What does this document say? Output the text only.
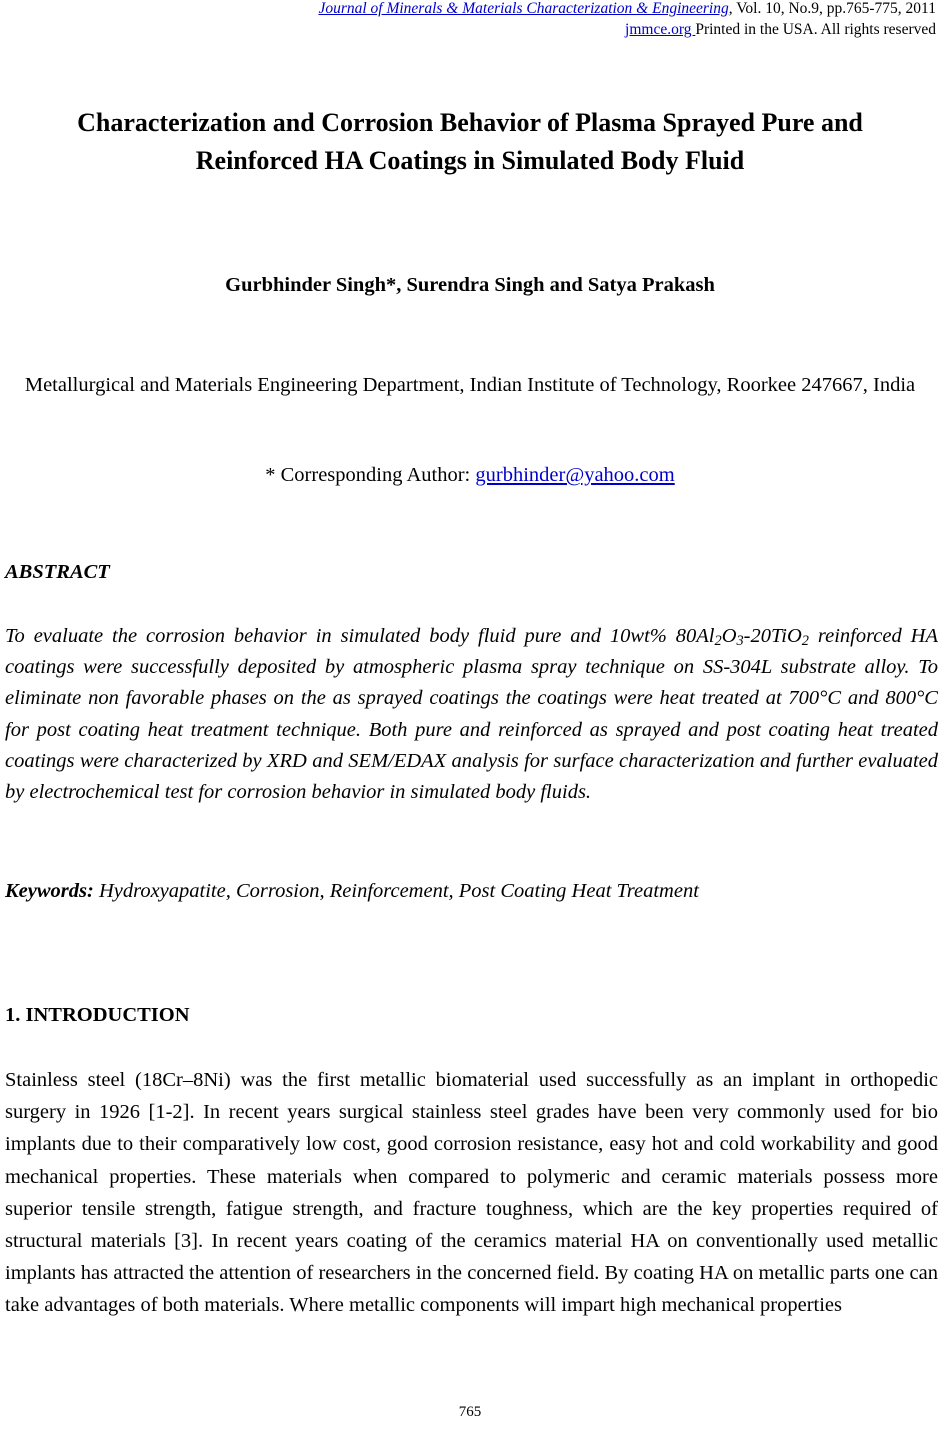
Journal of Minerals & Materials Characterization & Engineering, Vol. 10, No.9, pp.765-775, 2011
jmmce.org Printed in the USA. All rights reserved
Characterization and Corrosion Behavior of Plasma Sprayed Pure and
Reinforced HA Coatings in Simulated Body Fluid
Gurbhinder Singh*, Surendra Singh and Satya Prakash
Metallurgical and Materials Engineering Department, Indian Institute of Technology, Roorkee 247667, India
* Corresponding Author: gurbhinder@yahoo.com
ABSTRACT
To evaluate the corrosion behavior in simulated body fluid pure and 10wt% $80Al_2O_3-20TiO_2$ reinforced HA coatings were successfully deposited by atmospheric plasma spray technique on SS-304L substrate alloy. To eliminate non favorable phases on the as sprayed coatings the coatings were heat treated at 700°C and 800°C for post coating heat treatment technique. Both pure and reinforced as sprayed and post coating heat treated coatings were characterized by XRD and SEM/EDAX analysis for surface characterization and further evaluated by electrochemical test for corrosion behavior in simulated body fluids.
Keywords: Hydroxyapatite, Corrosion, Reinforcement, Post Coating Heat Treatment
1. INTRODUCTION
Stainless steel (18Cr–8Ni) was the first metallic biomaterial used successfully as an implant in orthopedic surgery in 1926 [1-2]. In recent years surgical stainless steel grades have been very commonly used for bio implants due to their comparatively low cost, good corrosion resistance, easy hot and cold workability and good mechanical properties. These materials when compared to polymeric and ceramic materials possess more superior tensile strength, fatigue strength, and fracture toughness, which are the key properties required of structural materials [3]. In recent years coating of the ceramics material HA on conventionally used metallic implants has attracted the attention of researchers in the concerned field. By coating HA on metallic parts one can take advantages of both materials. Where metallic components will impart high mechanical properties
765
